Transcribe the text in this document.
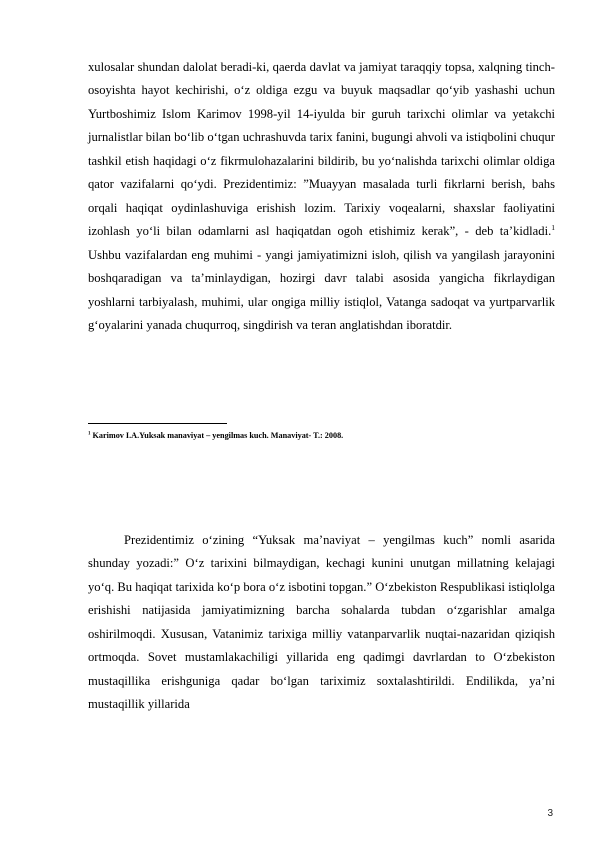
xulosalar shundan dalolat beradi-ki, qaerda davlat va jamiyat taraqqiy topsa, xalqning tinch-osoyishta hayot kechirishi, o‘z oldiga ezgu va buyuk maqsadlar qo‘yib yashashi uchun Yurtboshimiz Islom Karimov 1998-yil 14-iyulda bir guruh tarixchi olimlar va yetakchi jurnalistlar bilan bo‘lib o‘tgan uchrashuvda tarix fanini, bugungi ahvoli va istiqbolini chuqur tashkil etish haqidagi o‘z fikrmulohazalarini bildirib, bu yo‘nalishda tarixchi olimlar oldiga qator vazifalarni qo‘ydi. Prezidentimiz: ”Muayyan masalada turli fikrlarni berish, bahs orqali haqiqat oydinlashuviga erishish lozim. Tarixiy voqealarni, shaxslar faoliyatini izohlash yo‘li bilan odamlarni asl haqiqatdan ogoh etishimiz kerak”, - deb ta’kidladi.$^1$ Ushbu vazifalardan eng muhimi - yangi jamiyatimizni isloh, qilish va yangilash jarayonini boshqaradigan va ta’minlaydigan, hozirgi davr talabi asosida yangicha fikrlaydigan yoshlarni tarbiyalash, muhimi, ular ongiga milliy istiqlol, Vatanga sadoqat va yurtparvarlik g‘oyalarini yanada chuqurroq, singdirish va teran anglatishdan iboratdir.

$^1$ Karimov I.A.Yuksak manaviyat – yengilmas kuch. Manaviyat- T.: 2008.

Prezidentimiz o‘zining “Yuksak ma’naviyat – yengilmas kuch” nomli asarida shunday yozadi:” O‘z tarixini bilmaydigan, kechagi kunini unutgan millatning kelajagi yo‘q. Bu haqiqat tarixida ko‘p bora o‘z isbotini topgan.” O‘zbekiston Respublikasi istiqlolga erishishi natijasida jamiyatimizning barcha sohalarda tubdan o‘zgarishlar amalga oshirilmoqdi. Xususan, Vatanimiz tarixiga milliy vatanparvarlik nuqtai-nazaridan qiziqish ortmoqda. Sovet mustamlakachiligi yillarida eng qadimgi davrlardan to O‘zbekiston mustaqillika erishguniga qadar bo‘lgan tariximiz soxtalashtirildi. Endilikda, ya’ni mustaqillik yillarida

3
